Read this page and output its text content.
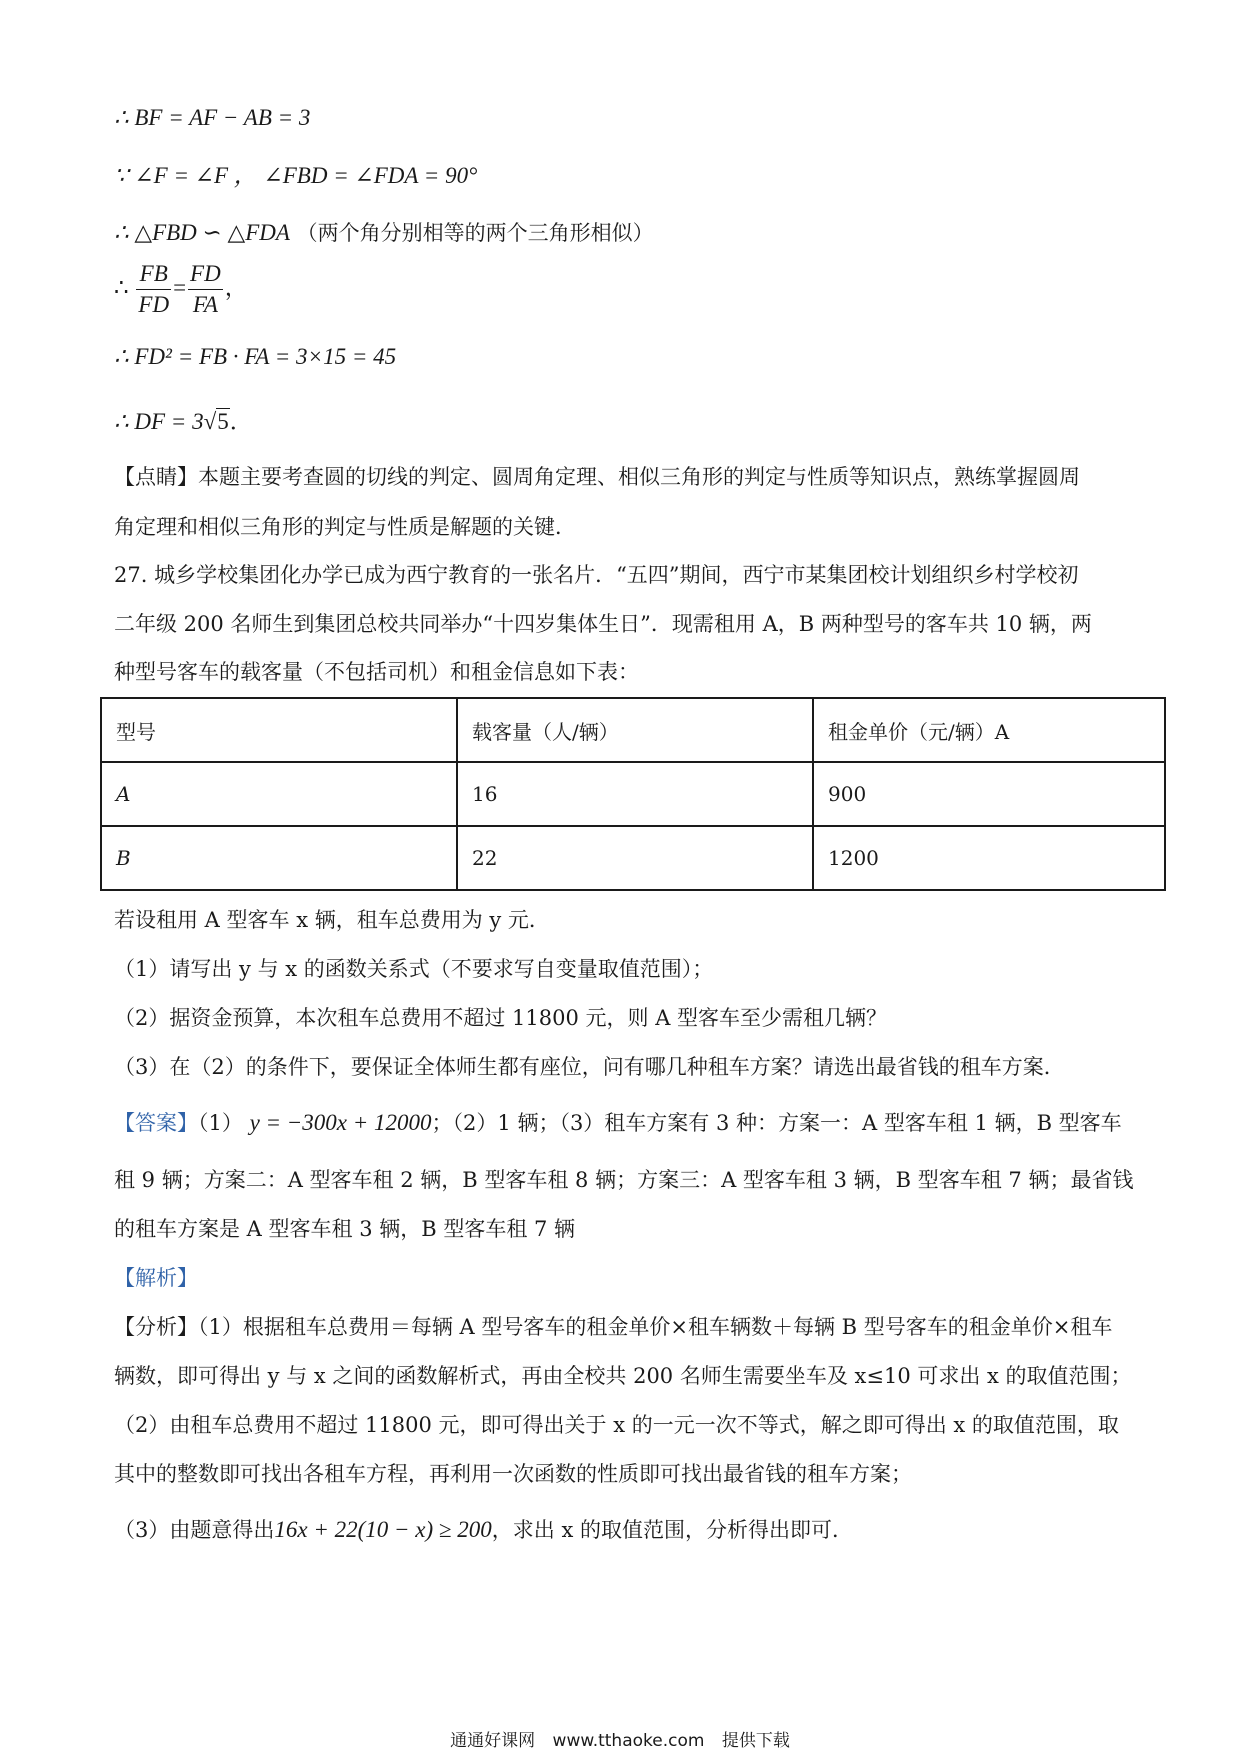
∴ BF = AF − AB = 3
∵ ∠F = ∠F ， ∠FBD = ∠FDA = 90°
∴ △FBD ∽ △FDA （两个角分别相等的两个三角形相似）
∴ $\frac{FB}{FD} = \frac{FD}{FA}$ ，
∴ FD² = FB · FA = 3×15 = 45
∴ DF = 3√5．
【点睛】本题主要考查圆的切线的判定、圆周角定理、相似三角形的判定与性质等知识点，熟练掌握圆周
角定理和相似三角形的判定与性质是解题的关键．
27. 城乡学校集团化办学已成为西宁教育的一张名片．“五四”期间，西宁市某集团校计划组织乡村学校初
二年级 200 名师生到集团总校共同举办“十四岁集体生日”．现需租用 A，B 两种型号的客车共 10 辆，两
种型号客车的载客量（不包括司机）和租金信息如下表：
型号	载客量（人/辆）	租金单价（元/辆）A
A	16	900
B	22	1200
若设租用 A 型客车 x 辆，租车总费用为 y 元．
（1）请写出 y 与 x 的函数关系式（不要求写自变量取值范围）；
（2）据资金预算，本次租车总费用不超过 11800 元，则 A 型客车至少需租几辆？
（3）在（2）的条件下，要保证全体师生都有座位，问有哪几种租车方案？请选出最省钱的租车方案．
【答案】（1） y = −300x + 12000；（2）1 辆；（3）租车方案有 3 种：方案一：A 型客车租 1 辆，B 型客车
租 9 辆；方案二：A 型客车租 2 辆，B 型客车租 8 辆；方案三：A 型客车租 3 辆，B 型客车租 7 辆；最省钱
的租车方案是 A 型客车租 3 辆，B 型客车租 7 辆
【解析】
【分析】（1）根据租车总费用＝每辆 A 型号客车的租金单价×租车辆数＋每辆 B 型号客车的租金单价×租车
辆数，即可得出 y 与 x 之间的函数解析式，再由全校共 200 名师生需要坐车及 x≤10 可求出 x 的取值范围；
（2）由租车总费用不超过 11800 元，即可得出关于 x 的一元一次不等式，解之即可得出 x 的取值范围，取
其中的整数即可找出各租车方程，再利用一次函数的性质即可找出最省钱的租车方案；
（3）由题意得出16x + 22(10 − x) ≥ 200，求出 x 的取值范围，分析得出即可．
通通好课网 www.tthaoke.com 提供下载
